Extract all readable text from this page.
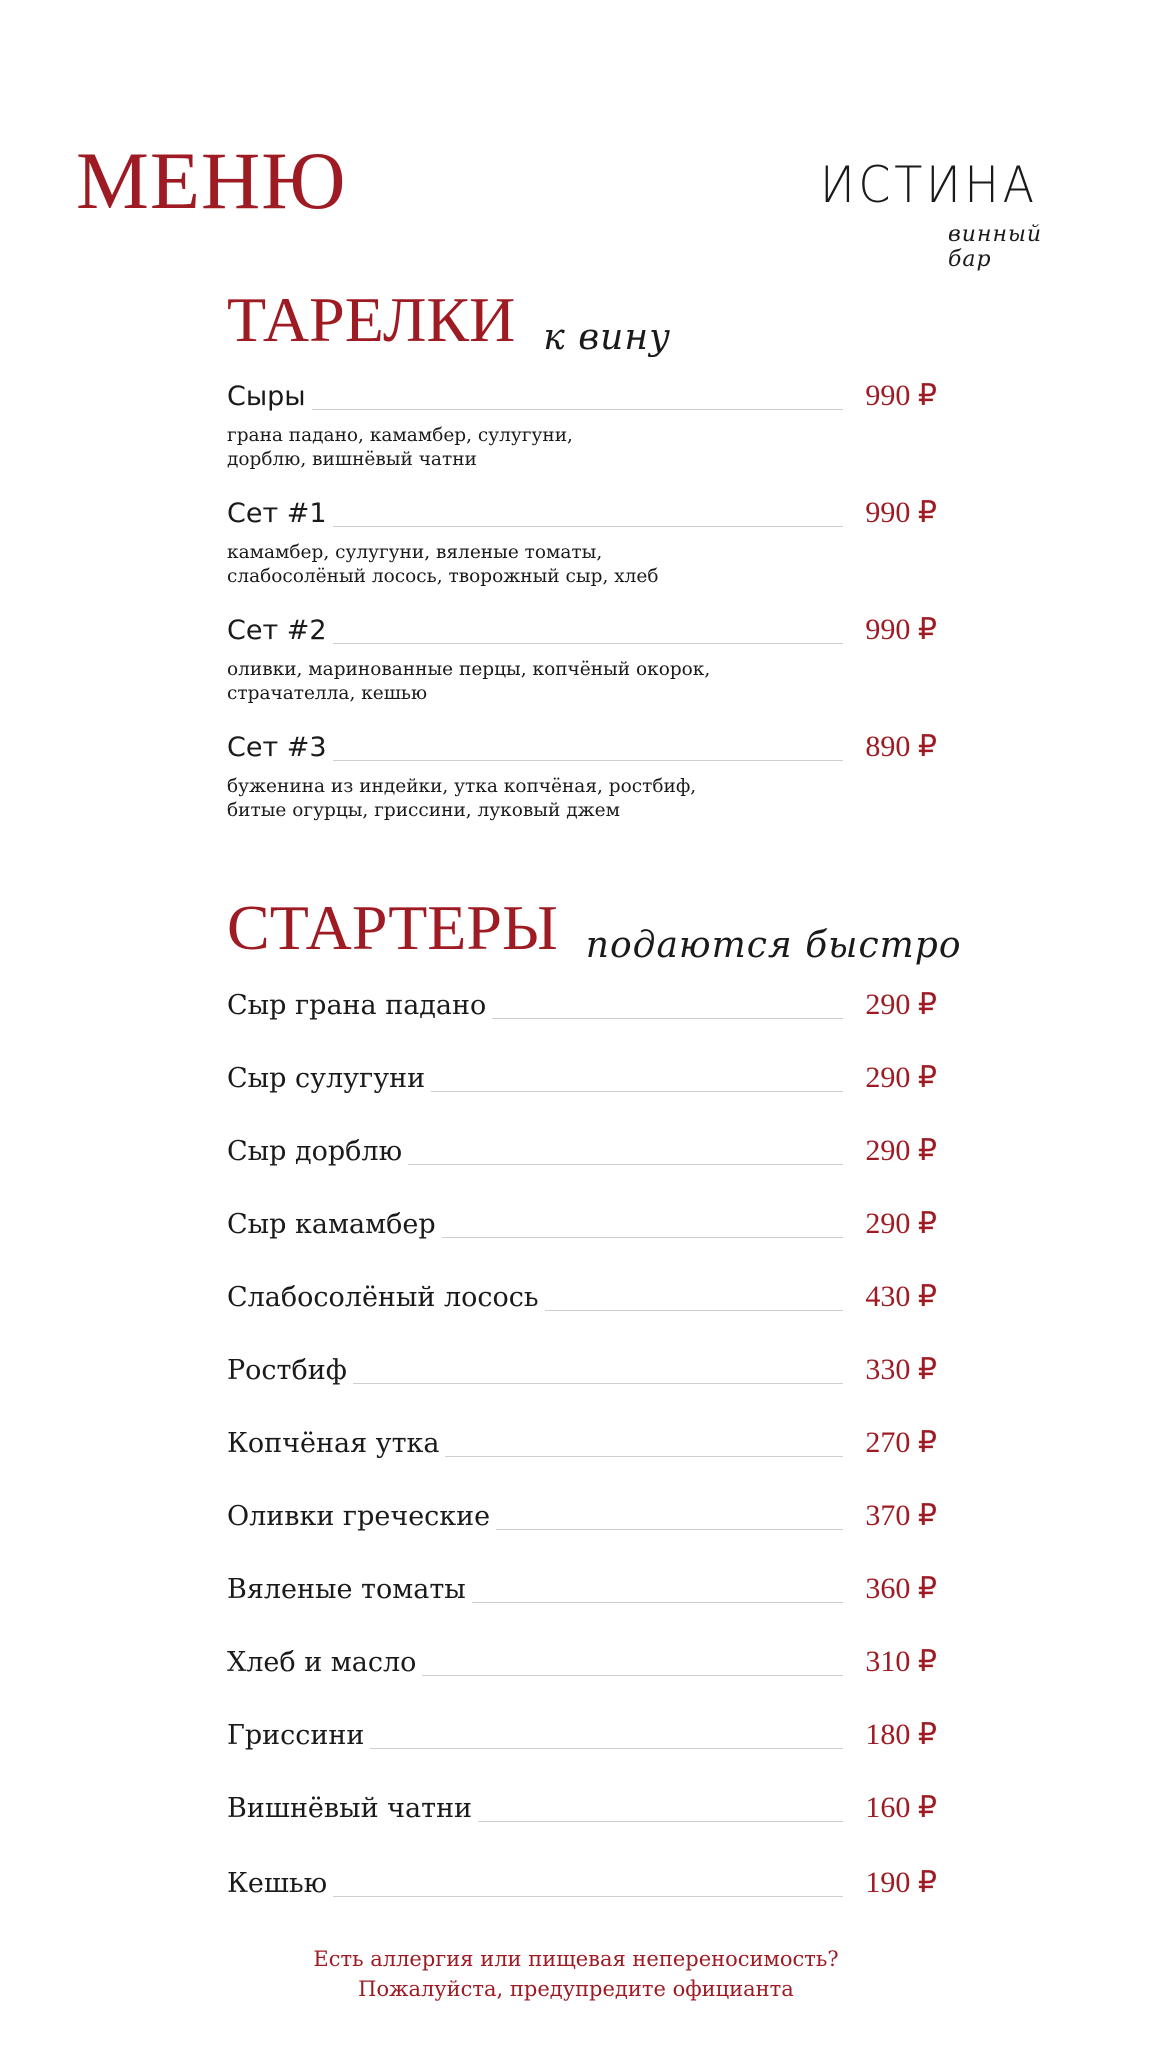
МЕНЮ	ИСТИНА
винный бар
ТАРЕЛКИ к вину
Сыры	990 ₽
грана падано, камамбер, сулугуни,
дорблю, вишнёвый чатни
Сет #1	990 ₽
камамбер, сулугуни, вяленые томаты,
слабосолёный лосось, творожный сыр, хлеб
Сет #2	990 ₽
оливки, маринованные перцы, копчёный окорок,
страчателла, кешью
Сет #3	890 ₽
буженина из индейки, утка копчёная, ростбиф,
битые огурцы, гриссини, луковый джем
СТАРТЕРЫ подаются быстро
Сыр грана падано	290 ₽
Сыр сулугуни	290 ₽
Сыр дорблю	290 ₽
Сыр камамбер	290 ₽
Слабосолёный лосось	430 ₽
Ростбиф	330 ₽
Копчёная утка	270 ₽
Оливки греческие	370 ₽
Вяленые томаты	360 ₽
Хлеб и масло	310 ₽
Гриссини	180 ₽
Вишнёвый чатни	160 ₽
Кешью	190 ₽
Есть аллергия или пищевая непереносимость?
Пожалуйста, предупредите официанта
